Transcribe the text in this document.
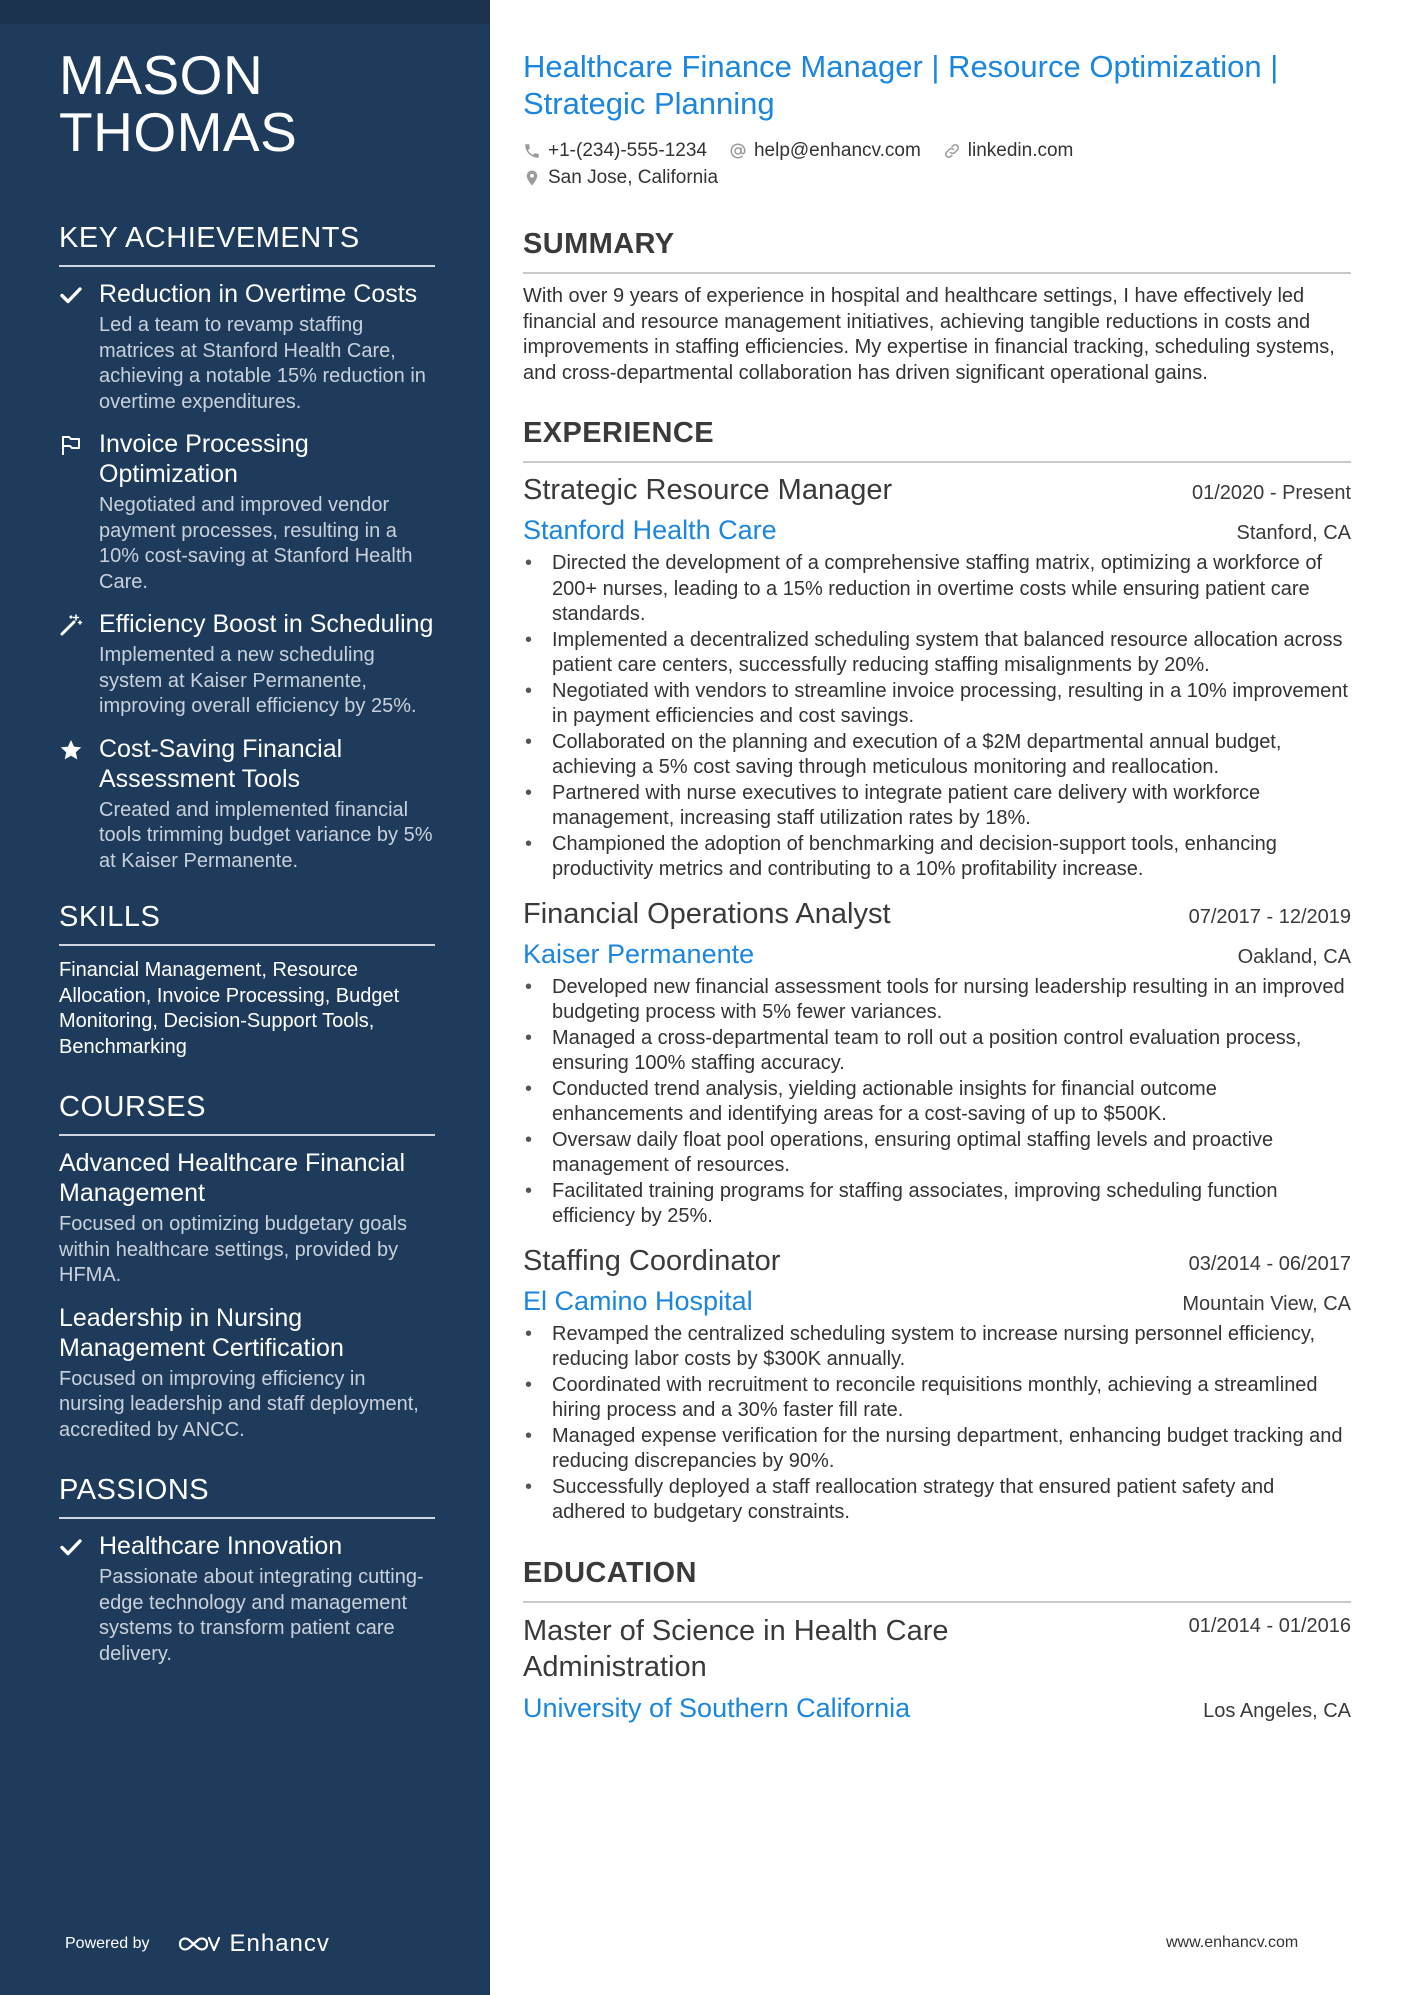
MASON
THOMAS
KEY ACHIEVEMENTS
Reduction in Overtime Costs
Led a team to revamp staffing matrices at Stanford Health Care, achieving a notable 15% reduction in overtime expenditures.
Invoice Processing Optimization
Negotiated and improved vendor payment processes, resulting in a 10% cost-saving at Stanford Health Care.
Efficiency Boost in Scheduling
Implemented a new scheduling system at Kaiser Permanente, improving overall efficiency by 25%.
Cost-Saving Financial Assessment Tools
Created and implemented financial tools trimming budget variance by 5% at Kaiser Permanente.
SKILLS
Financial Management, Resource Allocation, Invoice Processing, Budget Monitoring, Decision-Support Tools, Benchmarking
COURSES
Advanced Healthcare Financial Management
Focused on optimizing budgetary goals within healthcare settings, provided by HFMA.
Leadership in Nursing Management Certification
Focused on improving efficiency in nursing leadership and staff deployment, accredited by ANCC.
PASSIONS
Healthcare Innovation
Passionate about integrating cutting-edge technology and management systems to transform patient care delivery.
Powered by	Enhancv
Healthcare Finance Manager | Resource Optimization | Strategic Planning
+1-(234)-555-1234 help@enhancv.com linkedin.com
San Jose, California
SUMMARY

With over 9 years of experience in hospital and healthcare settings, I have effectively led financial and resource management initiatives, achieving tangible reductions in costs and improvements in staffing efficiencies. My expertise in financial tracking, scheduling systems, and cross-departmental collaboration has driven significant operational gains.

EXPERIENCE
Strategic Resource Manager	01/2020 - Present
Stanford Health Care	Stanford, CA
• Directed the development of a comprehensive staffing matrix, optimizing a workforce of 200+ nurses, leading to a 15% reduction in overtime costs while ensuring patient care standards.
• Implemented a decentralized scheduling system that balanced resource allocation across patient care centers, successfully reducing staffing misalignments by 20%.
• Negotiated with vendors to streamline invoice processing, resulting in a 10% improvement in payment efficiencies and cost savings.
• Collaborated on the planning and execution of a $2M departmental annual budget, achieving a 5% cost saving through meticulous monitoring and reallocation.
• Partnered with nurse executives to integrate patient care delivery with workforce management, increasing staff utilization rates by 18%.
• Championed the adoption of benchmarking and decision-support tools, enhancing productivity metrics and contributing to a 10% profitability increase.
Financial Operations Analyst	07/2017 - 12/2019
Kaiser Permanente	Oakland, CA
• Developed new financial assessment tools for nursing leadership resulting in an improved budgeting process with 5% fewer variances.
• Managed a cross-departmental team to roll out a position control evaluation process, ensuring 100% staffing accuracy.
• Conducted trend analysis, yielding actionable insights for financial outcome enhancements and identifying areas for a cost-saving of up to $500K.
• Oversaw daily float pool operations, ensuring optimal staffing levels and proactive management of resources.
• Facilitated training programs for staffing associates, improving scheduling function efficiency by 25%.
Staffing Coordinator	03/2014 - 06/2017
El Camino Hospital	Mountain View, CA
• Revamped the centralized scheduling system to increase nursing personnel efficiency, reducing labor costs by $300K annually.
• Coordinated with recruitment to reconcile requisitions monthly, achieving a streamlined hiring process and a 30% faster fill rate.
• Managed expense verification for the nursing department, enhancing budget tracking and reducing discrepancies by 90%.
• Successfully deployed a staff reallocation strategy that ensured patient safety and adhered to budgetary constraints.
EDUCATION
Master of Science in Health Care Administration
01/2014 - 01/2016
University of Southern California	Los Angeles, CA
www.enhancv.com
